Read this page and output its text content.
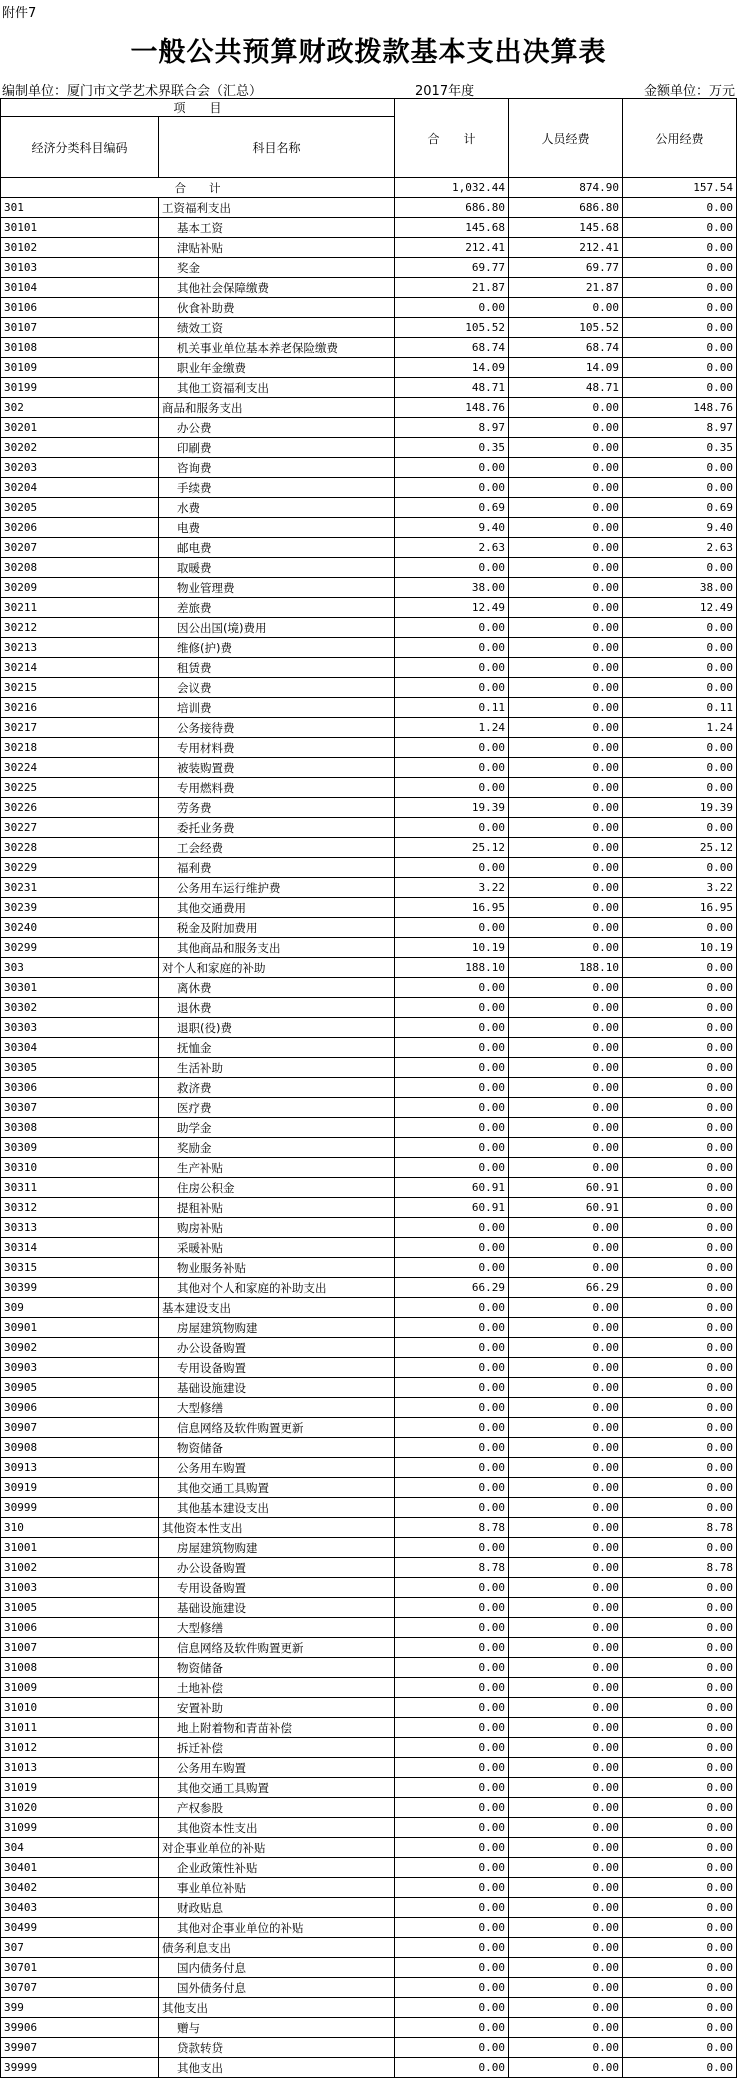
附件7
一般公共预算财政拨款基本支出决算表
编制单位：厦门市文学艺术界联合会（汇总）	2017年度	金额单位：万元
项　　目		合　　计	人员经费	公用经费
经济分类科目编码	科目名称			
合　　计		1,032.44	874.90	157.54
301	工资福利支出	686.80	686.80	0.00
30101	基本工资	145.68	145.68	0.00
30102	津贴补贴	212.41	212.41	0.00
30103	奖金	69.77	69.77	0.00
30104	其他社会保障缴费	21.87	21.87	0.00
30106	伙食补助费	0.00	0.00	0.00
30107	绩效工资	105.52	105.52	0.00
30108	机关事业单位基本养老保险缴费	68.74	68.74	0.00
30109	职业年金缴费	14.09	14.09	0.00
30199	其他工资福利支出	48.71	48.71	0.00
302	商品和服务支出	148.76	0.00	148.76
30201	办公费	8.97	0.00	8.97
30202	印刷费	0.35	0.00	0.35
30203	咨询费	0.00	0.00	0.00
30204	手续费	0.00	0.00	0.00
30205	水费	0.69	0.00	0.69
30206	电费	9.40	0.00	9.40
30207	邮电费	2.63	0.00	2.63
30208	取暖费	0.00	0.00	0.00
30209	物业管理费	38.00	0.00	38.00
30211	差旅费	12.49	0.00	12.49
30212	因公出国(境)费用	0.00	0.00	0.00
30213	维修(护)费	0.00	0.00	0.00
30214	租赁费	0.00	0.00	0.00
30215	会议费	0.00	0.00	0.00
30216	培训费	0.11	0.00	0.11
30217	公务接待费	1.24	0.00	1.24
30218	专用材料费	0.00	0.00	0.00
30224	被装购置费	0.00	0.00	0.00
30225	专用燃料费	0.00	0.00	0.00
30226	劳务费	19.39	0.00	19.39
30227	委托业务费	0.00	0.00	0.00
30228	工会经费	25.12	0.00	25.12
30229	福利费	0.00	0.00	0.00
30231	公务用车运行维护费	3.22	0.00	3.22
30239	其他交通费用	16.95	0.00	16.95
30240	税金及附加费用	0.00	0.00	0.00
30299	其他商品和服务支出	10.19	0.00	10.19
303	对个人和家庭的补助	188.10	188.10	0.00
30301	离休费	0.00	0.00	0.00
30302	退休费	0.00	0.00	0.00
30303	退职(役)费	0.00	0.00	0.00
30304	抚恤金	0.00	0.00	0.00
30305	生活补助	0.00	0.00	0.00
30306	救济费	0.00	0.00	0.00
30307	医疗费	0.00	0.00	0.00
30308	助学金	0.00	0.00	0.00
30309	奖励金	0.00	0.00	0.00
30310	生产补贴	0.00	0.00	0.00
30311	住房公积金	60.91	60.91	0.00
30312	提租补贴	60.91	60.91	0.00
30313	购房补贴	0.00	0.00	0.00
30314	采暖补贴	0.00	0.00	0.00
30315	物业服务补贴	0.00	0.00	0.00
30399	其他对个人和家庭的补助支出	66.29	66.29	0.00
309	基本建设支出	0.00	0.00	0.00
30901	房屋建筑物购建	0.00	0.00	0.00
30902	办公设备购置	0.00	0.00	0.00
30903	专用设备购置	0.00	0.00	0.00
30905	基础设施建设	0.00	0.00	0.00
30906	大型修缮	0.00	0.00	0.00
30907	信息网络及软件购置更新	0.00	0.00	0.00
30908	物资储备	0.00	0.00	0.00
30913	公务用车购置	0.00	0.00	0.00
30919	其他交通工具购置	0.00	0.00	0.00
30999	其他基本建设支出	0.00	0.00	0.00
310	其他资本性支出	8.78	0.00	8.78
31001	房屋建筑物购建	0.00	0.00	0.00
31002	办公设备购置	8.78	0.00	8.78
31003	专用设备购置	0.00	0.00	0.00
31005	基础设施建设	0.00	0.00	0.00
31006	大型修缮	0.00	0.00	0.00
31007	信息网络及软件购置更新	0.00	0.00	0.00
31008	物资储备	0.00	0.00	0.00
31009	土地补偿	0.00	0.00	0.00
31010	安置补助	0.00	0.00	0.00
31011	地上附着物和青苗补偿	0.00	0.00	0.00
31012	拆迁补偿	0.00	0.00	0.00
31013	公务用车购置	0.00	0.00	0.00
31019	其他交通工具购置	0.00	0.00	0.00
31020	产权参股	0.00	0.00	0.00
31099	其他资本性支出	0.00	0.00	0.00
304	对企事业单位的补贴	0.00	0.00	0.00
30401	企业政策性补贴	0.00	0.00	0.00
30402	事业单位补贴	0.00	0.00	0.00
30403	财政贴息	0.00	0.00	0.00
30499	其他对企事业单位的补贴	0.00	0.00	0.00
307	债务利息支出	0.00	0.00	0.00
30701	国内债务付息	0.00	0.00	0.00
30707	国外债务付息	0.00	0.00	0.00
399	其他支出	0.00	0.00	0.00
39906	赠与	0.00	0.00	0.00
39907	贷款转贷	0.00	0.00	0.00
39999	其他支出	0.00	0.00	0.00
